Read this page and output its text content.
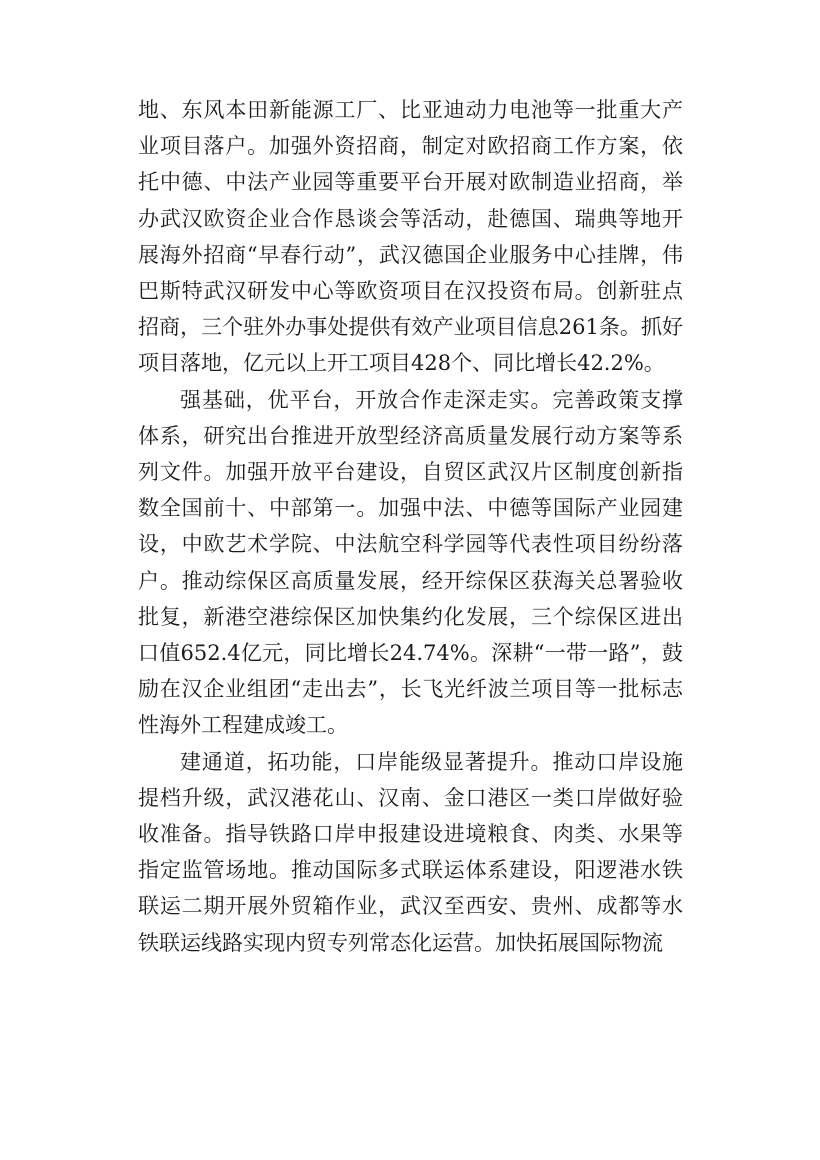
地、东风本田新能源工厂、比亚迪动力电池等一批重大产业项目落户。加强外资招商，制定对欧招商工作方案，依托中德、中法产业园等重要平台开展对欧制造业招商，举办武汉欧资企业合作恳谈会等活动，赴德国、瑞典等地开展海外招商“早春行动”，武汉德国企业服务中心挂牌，伟巴斯特武汉研发中心等欧资项目在汉投资布局。创新驻点招商，三个驻外办事处提供有效产业项目信息261条。抓好项目落地，亿元以上开工项目428个、同比增长42.2%。

强基础，优平台，开放合作走深走实。完善政策支撑体系，研究出台推进开放型经济高质量发展行动方案等系列文件。加强开放平台建设，自贸区武汉片区制度创新指数全国前十、中部第一。加强中法、中德等国际产业园建设，中欧艺术学院、中法航空科学园等代表性项目纷纷落户。推动综保区高质量发展，经开综保区获海关总署验收批复，新港空港综保区加快集约化发展，三个综保区进出口值652.4亿元，同比增长24.74%。深耕“一带一路”，鼓励在汉企业组团“走出去”，长飞光纤波兰项目等一批标志性海外工程建成竣工。

建通道，拓功能，口岸能级显著提升。推动口岸设施提档升级，武汉港花山、汉南、金口港区一类口岸做好验收准备。指导铁路口岸申报建设进境粮食、肉类、水果等指定监管场地。推动国际多式联运体系建设，阳逻港水铁联运二期开展外贸箱作业，武汉至西安、贵州、成都等水铁联运线路实现内贸专列常态化运营。加快拓展国际物流
